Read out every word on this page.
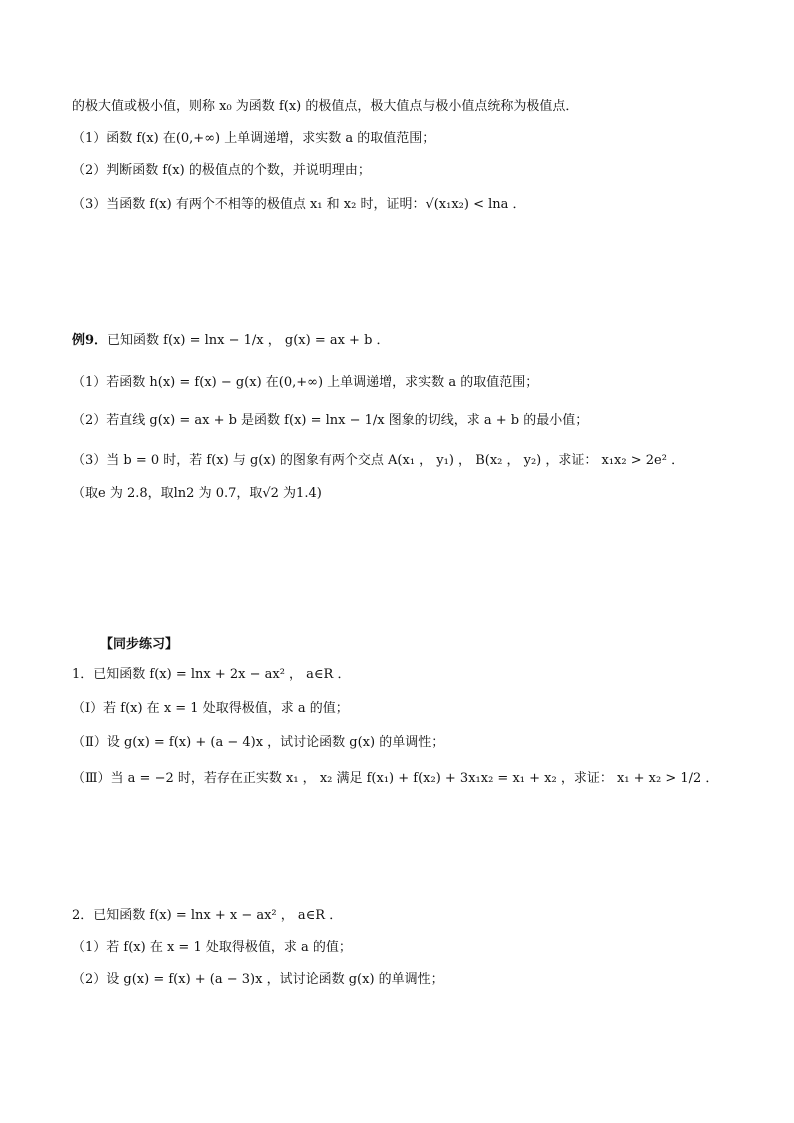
的极大值或极小值，则称 x₀ 为函数 f(x) 的极值点，极大值点与极小值点统称为极值点．
（1）函数 f(x) 在(0,+∞) 上单调递增，求实数 a 的取值范围；
（2）判断函数 f(x) 的极值点的个数，并说明理由；
（3）当函数 f(x) 有两个不相等的极值点 x₁ 和 x₂ 时，证明：√(x₁x₂) < lna ．
例9．已知函数 f(x) = lnx − 1/x ， g(x) = ax + b ．
（1）若函数 h(x) = f(x) − g(x) 在(0,+∞) 上单调递增，求实数 a 的取值范围；
（2）若直线 g(x) = ax + b 是函数 f(x) = lnx − 1/x 图象的切线，求 a + b 的最小值；
（3）当 b = 0 时，若 f(x) 与 g(x) 的图象有两个交点 A(x₁ ， y₁) ， B(x₂ ， y₂) ，求证： x₁x₂ > 2e² ．
（取e 为 2.8，取ln2 为 0.7，取√2 为1.4)
【同步练习】
1．已知函数 f(x) = lnx + 2x − ax² ， a∈R ．
（Ⅰ）若 f(x) 在 x = 1 处取得极值，求 a 的值；
（Ⅱ）设 g(x) = f(x) + (a − 4)x ，试讨论函数 g(x) 的单调性；
（Ⅲ）当 a = −2 时，若存在正实数 x₁ ， x₂ 满足 f(x₁) + f(x₂) + 3x₁x₂ = x₁ + x₂ ，求证： x₁ + x₂ > 1/2 ．
2．已知函数 f(x) = lnx + x − ax² ， a∈R ．
（1）若 f(x) 在 x = 1 处取得极值，求 a 的值；
（2）设 g(x) = f(x) + (a − 3)x ，试讨论函数 g(x) 的单调性；
